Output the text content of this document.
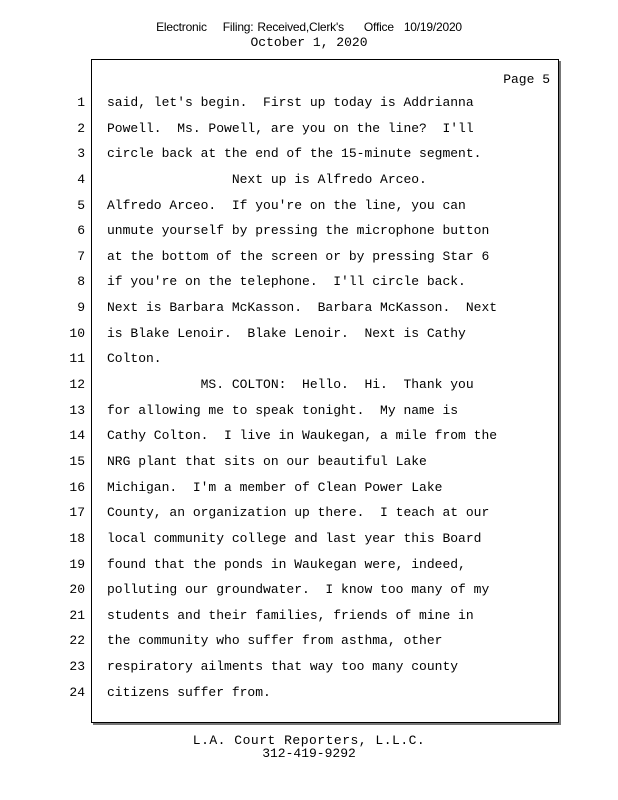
Electronic Filing: Received,Clerk's Office 10/19/2020
October 1, 2020
Page 5
1 said, let's begin.  First up today is Addrianna
2 Powell.  Ms. Powell, are you on the line?  I'll
3 circle back at the end of the 15-minute segment.
4 Next up is Alfredo Arceo.
5 Alfredo Arceo.  If you're on the line, you can
6 unmute yourself by pressing the microphone button
7 at the bottom of the screen or by pressing Star 6
8 if you're on the telephone.  I'll circle back.
9 Next is Barbara McKasson.  Barbara McKasson.  Next
10 is Blake Lenoir.  Blake Lenoir.  Next is Cathy
11 Colton.
12 MS. COLTON:  Hello.  Hi.  Thank you
13 for allowing me to speak tonight.  My name is
14 Cathy Colton.  I live in Waukegan, a mile from the
15 NRG plant that sits on our beautiful Lake
16 Michigan.  I'm a member of Clean Power Lake
17 County, an organization up there.  I teach at our
18 local community college and last year this Board
19 found that the ponds in Waukegan were, indeed,
20 polluting our groundwater.  I know too many of my
21 students and their families, friends of mine in
22 the community who suffer from asthma, other
23 respiratory ailments that way too many county
24 citizens suffer from.
L.A. Court Reporters, L.L.C.
312-419-9292
